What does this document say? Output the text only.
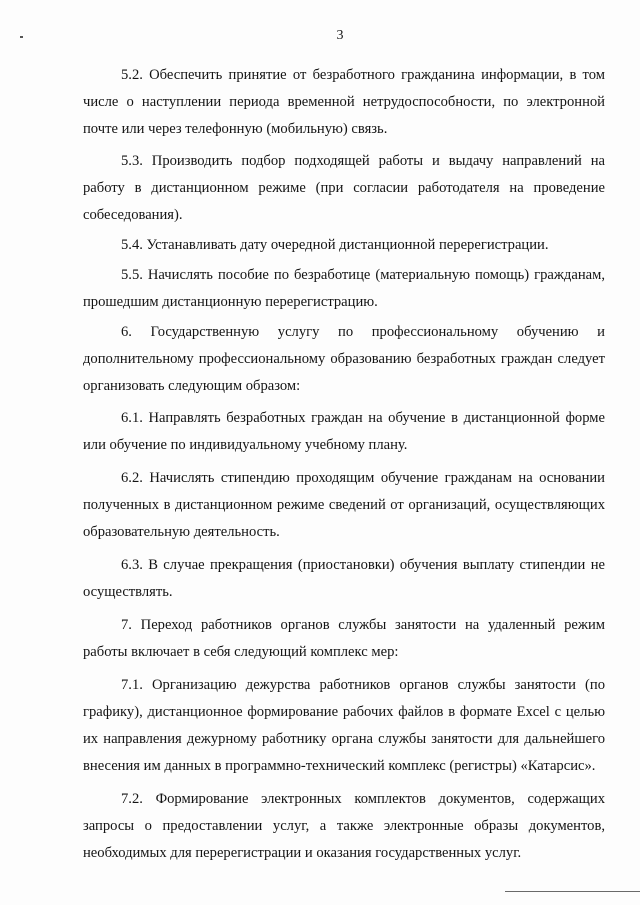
3

5.2. Обеспечить принятие от безработного гражданина информации, в том числе о наступлении периода временной нетрудоспособности, по электронной почте или через телефонную (мобильную) связь.

5.3. Производить подбор подходящей работы и выдачу направлений на работу в дистанционном режиме (при согласии работодателя на проведение собеседования).

5.4. Устанавливать дату очередной дистанционной перерегистрации.

5.5. Начислять пособие по безработице (материальную помощь) гражданам, прошедшим дистанционную перерегистрацию.

6. Государственную услугу по профессиональному обучению и дополнительному профессиональному образованию безработных граждан следует организовать следующим образом:

6.1. Направлять безработных граждан на обучение в дистанционной форме или обучение по индивидуальному учебному плану.

6.2. Начислять стипендию проходящим обучение гражданам на основании полученных в дистанционном режиме сведений от организаций, осуществляющих образовательную деятельность.

6.3. В случае прекращения (приостановки) обучения выплату стипендии не осуществлять.

7. Переход работников органов службы занятости на удаленный режим работы включает в себя следующий комплекс мер:

7.1. Организацию дежурства работников органов службы занятости (по графику), дистанционное формирование рабочих файлов в формате Excel с целью их направления дежурному работнику органа службы занятости для дальнейшего внесения им данных в программно-технический комплекс (регистры) «Катарсис».

7.2. Формирование электронных комплектов документов, содержащих запросы о предоставлении услуг, а также электронные образы документов, необходимых для перерегистрации и оказания государственных услуг.
